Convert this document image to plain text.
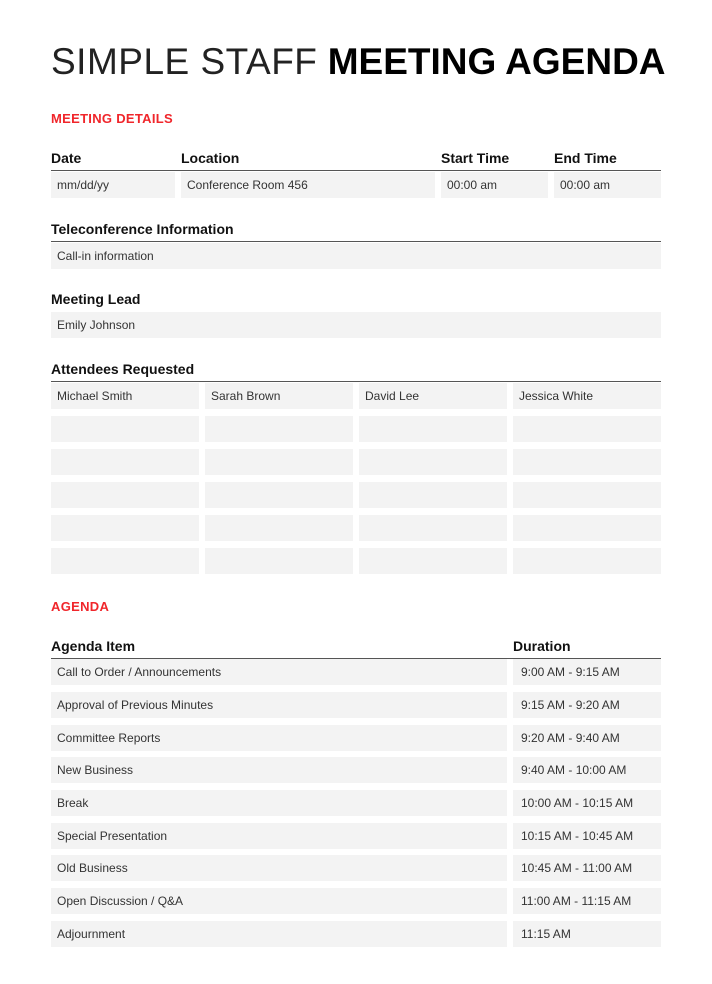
SIMPLE STAFF MEETING AGENDA
MEETING DETAILS
Date	Location	Start Time	End Time
mm/dd/yy	Conference Room 456	00:00 am	00:00 am
Teleconference Information
Call-in information
Meeting Lead
Emily Johnson
Attendees Requested
Michael Smith	Sarah Brown	David Lee	Jessica White
AGENDA
Agenda Item	Duration
Call to Order / Announcements	9:00 AM - 9:15 AM
Approval of Previous Minutes	9:15 AM - 9:20 AM
Committee Reports	9:20 AM - 9:40 AM
New Business	9:40 AM - 10:00 AM
Break	10:00 AM - 10:15 AM
Special Presentation	10:15 AM - 10:45 AM
Old Business	10:45 AM - 11:00 AM
Open Discussion / Q&A	11:00 AM - 11:15 AM
Adjournment	11:15 AM
